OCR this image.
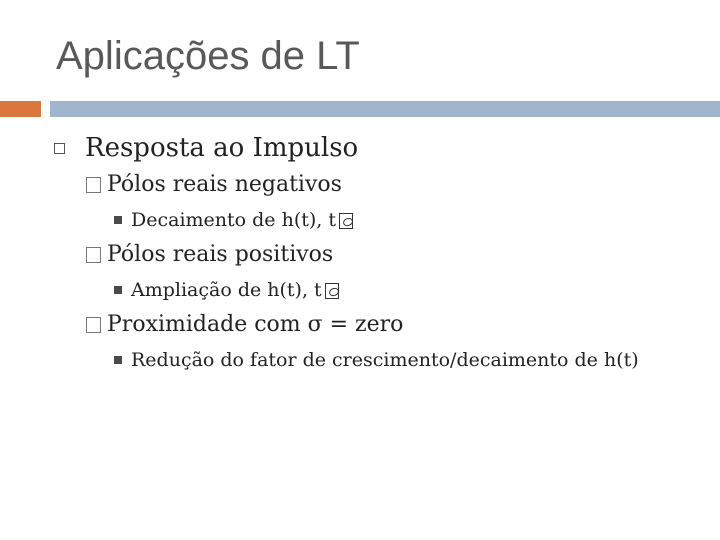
Aplicações de LT
Resposta ao Impulso
Pólos reais negativos
Decaimento de h(t), t
Pólos reais positivos
Ampliação de h(t), t
Proximidade com σ = zero
Redução do fator de crescimento/decaimento de h(t)
